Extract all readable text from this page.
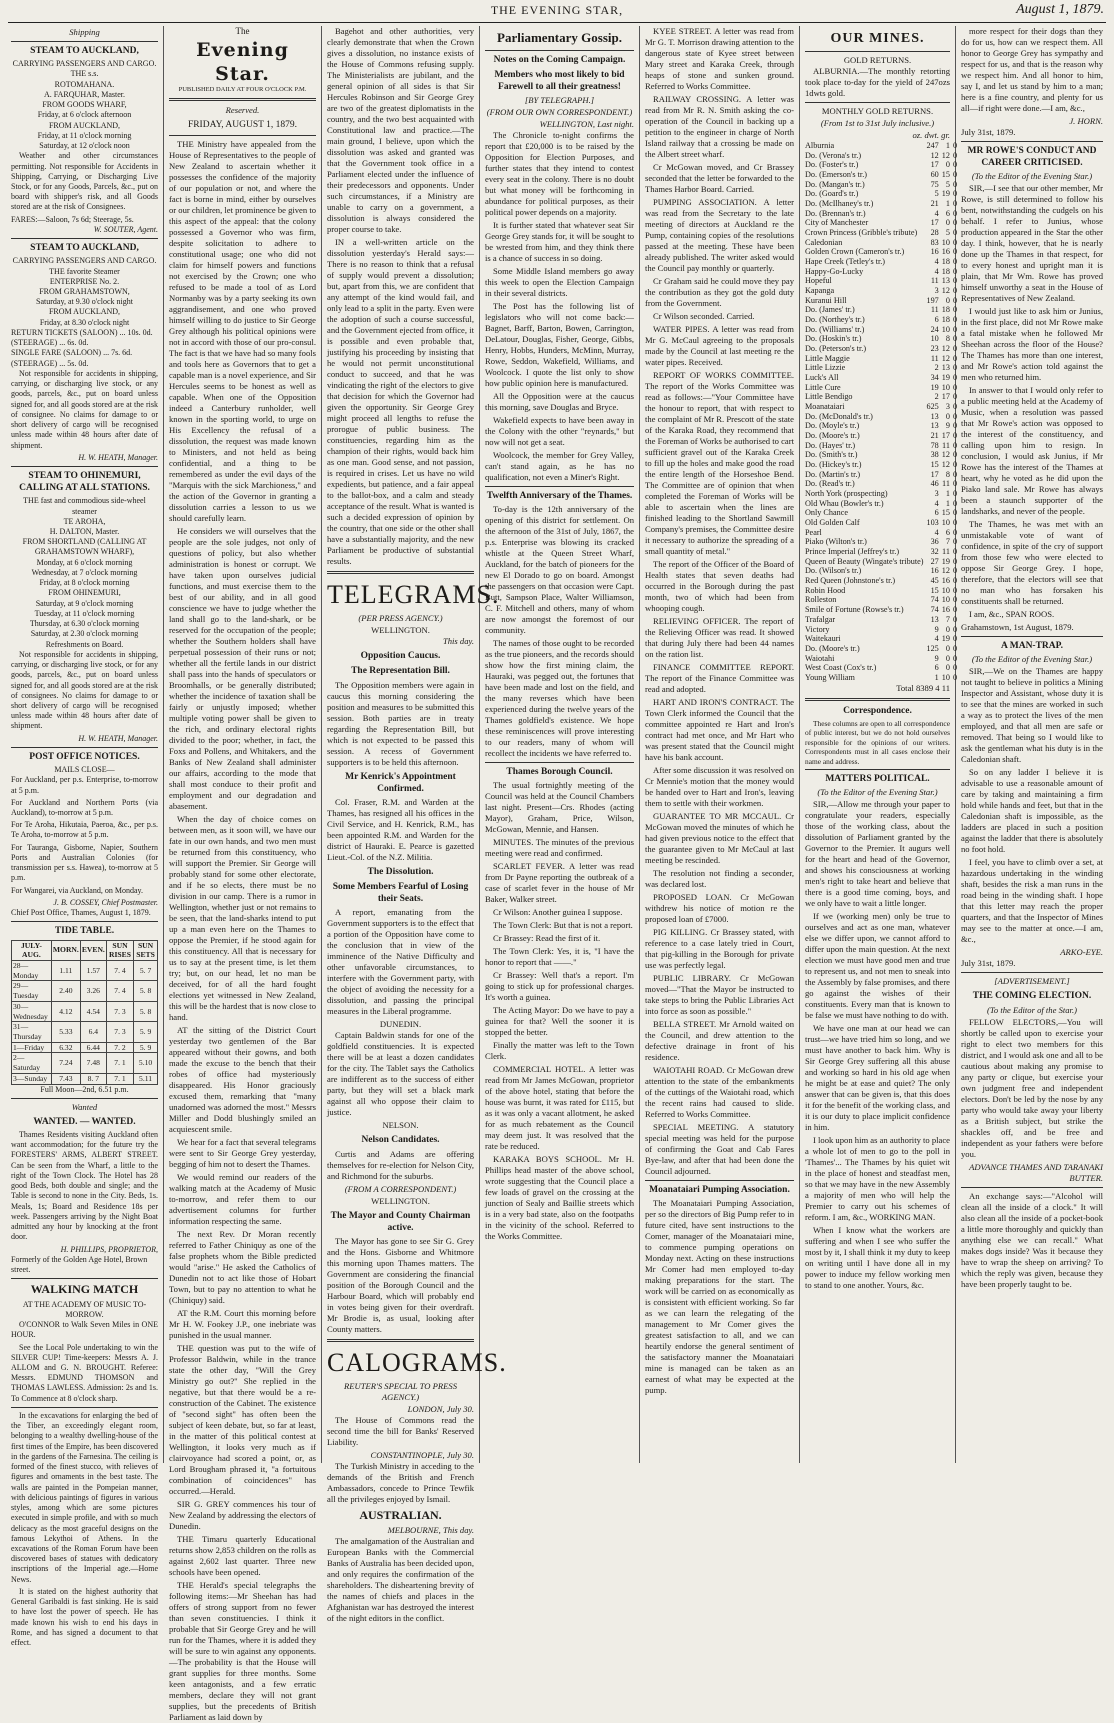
THE EVENING STAR,	August 1, 1879.
Shipping
STEAM TO AUCKLAND,
CARRYING PASSENGERS AND CARGO.
THE s.s.
ROTOMAHANA.
A. FARQUHAR, Master.
FROM GOODS WHARF,
Friday, at 6 o'clock afternoon
FROM AUCKLAND,
Friday, at 11 o'clock morning
Saturday, at 12 o'clock noon

Weather and other circumstances permitting. Not responsible for Accidents in Shipping, Carrying, or Discharging Live Stock, or for any Goods, Parcels, &c., put on board with shipper's risk, and all Goods stored are at the risk of Consignees.

FARES:—Saloon, 7s 6d; Steerage, 5s.
W. SOUTER, Agent.
STEAM TO AUCKLAND,
CARRYING PASSENGERS AND CARGO.
THE favorite Steamer
ENTERPRISE No. 2.
FROM GRAHAMSTOWN,
Saturday, at 9.30 o'clock night
FROM AUCKLAND,
Friday, at 8.30 o'clock night
RETURN TICKETS (SALOON) ... 10s. 0d.
(STEERAGE) ... 6s. 0d.
SINGLE FARE (SALOON) ... 7s. 6d.
(STEERAGE) ... 5s. 0d.

Not responsible for accidents in shipping, carrying, or discharging live stock, or any goods, parcels, &c., put on board unless signed for, and all goods stored are at the risk of consignee. No claims for damage to or short delivery of cargo will be recognised unless made within 48 hours after date of shipment.

H. W. HEATH, Manager.
STEAM TO OHINEMURI, CALLING AT ALL STATIONS.
THE fast and commodious side-wheel steamer
TE AROHA,
H. DALTON, Master.
FROM SHORTLAND (CALLING AT GRAHAMSTOWN WHARF),
Monday, at 6 o'clock morning
Wednesday, at 7 o'clock morning
Friday, at 8 o'clock morning
FROM OHINEMURI,
Saturday, at 9 o'clock morning
Tuesday, at 11 o'clock morning
Thursday, at 6.30 o'clock morning
Saturday, at 2.30 o'clock morning
Refreshments on Board.

Not responsible for accidents in shipping, carrying, or discharging live stock, or for any goods, parcels, &c., put on board unless signed for, and all goods stored are at the risk of consignees. No claims for damage to or short delivery of cargo will be recognised unless made within 48 hours after date of shipment.

H. W. HEATH, Manager.
POST OFFICE NOTICES.
MAILS CLOSE—

For Auckland, per p.s. Enterprise, to-morrow at 5 p.m.

For Auckland and Northern Ports (via Auckland), to-morrow at 5 p.m.

For Te Aroha, Hikutaia, Paeroa, &c., per p.s. Te Aroha, to-morrow at 5 p.m.

For Tauranga, Gisborne, Napier, Southern Ports and Australian Colonies (for transmission per s.s. Hawea), to-morrow at 5 p.m.

For Wangarei, via Auckland, on Monday.

J. B. COSSEY, Chief Postmaster.
Chief Post Office, Thames, August 1, 1879.
TIDE TABLE.
JULY-AUG.	MORN.	EVEN.	SUN RISES	SUN SETS
28—Monday	1.11	1.57	7. 4	5. 7
29—Tuesday	2.40	3.26	7. 4	5. 8
30—Wednesday	4.12	4.54	7. 3	5. 8
31—Thursday	5.33	6.4	7. 3	5. 9
1—Friday	6.32	6.44	7. 2	5. 9
2—Saturday	7.24	7.48	7. 1	5.10
3—Sunday	7.43	8. 7	7. 1	5.11
Full Moon—2nd, 6.51 p.m.
Wanted
WANTED. — WANTED.

Thames Residents visiting Auckland often want accommodation; for the future try the FORESTERS' ARMS, ALBERT STREET. Can be seen from the Wharf, a little to the right of the Town Clock. The Hotel has 28 good Beds, both double and single; and the Table is second to none in the City. Beds, 1s. Meals, 1s; Board and Residence 18s per week. Passengers arriving by the Night Boat admitted any hour by knocking at the front door.

H. PHILLIPS, PROPRIETOR,
Formerly of the Golden Age Hotel, Brown street.
WALKING MATCH
AT THE ACADEMY OF MUSIC TO-MORROW.

O'CONNOR to Walk Seven Miles in ONE HOUR.

See the Local Pole undertaking to win the SILVER CUP! Time-keepers: Messrs A. J. ALLOM and G. N. BROUGHT. Referee: Messrs. EDMUND THOMSON and THOMAS LAWLESS. Admission: 2s and 1s. To Commence at 8 o'clock sharp.

In the excavations for enlarging the bed of the Tiber, an exceedingly elegant room, belonging to a wealthy dwelling-house of the first times of the Empire, has been discovered in the gardens of the Farnesina. The ceiling is formed of the finest stucco, with relieves of figures and ornaments in the best taste. The walls are painted in the Pompeian manner, with delicious paintings of figures in various styles, among which are some pictures executed in simple profile, and with so much delicacy as the most graceful designs on the famous Lekythoi of Athens. In the excavations of the Roman Forum have been discovered bases of statues with dedicatory inscriptions of the Imperial age.—Home News.

It is stated on the highest authority that General Garibaldi is fast sinking. He is said to have lost the power of speech. He has made known his wish to end his days in Rome, and has signed a document to that effect.

The
Evening Star.
PUBLISHED DAILY AT FOUR O'CLOCK P.M.
Reserved.
FRIDAY, AUGUST 1, 1879.

THE Ministry have appealed from the House of Representatives to the people of New Zealand to ascertain whether it possesses the confidence of the majority of our population or not, and where the fact is borne in mind, either by ourselves or our children, let prominence be given to this aspect of the appeal: that the colony possessed a Governor who was firm, despite solicitation to adhere to constitutional usage; one who did not claim for himself powers and functions not exercised by the Crown; one who refused to be made a tool of as Lord Normanby was by a party seeking its own aggrandisement, and one who proved himself willing to do justice to Sir George Grey although his political opinions were not in accord with those of our pro-consul. The fact is that we have had so many fools and tools here as Governors that to get a capable man is a novel experience, and Sir Hercules seems to be honest as well as capable. When one of the Opposition indeed a Canterbury runholder, well known in the sporting world, to urge on His Excellency the refusal of a dissolution, the request was made known to Ministers, and not held as being confidential, and a thing to be remembered as under the evil days of the "Marquis with the sick Marchioness," and the action of the Governor in granting a dissolution carries a lesson to us we should carefully learn.

He considers we will ourselves that the people are the sole judges, not only of questions of policy, but also whether administration is honest or corrupt. We have taken upon ourselves judicial functions, and must exercise them to the best of our ability, and in all good conscience we have to judge whether the land shall go to the land-shark, or be reserved for the occupation of the people; whether the Southern holders shall have perpetual possession of their runs or not; whether all the fertile lands in our district shall pass into the hands of speculators or Broomhalls, or be generally distributed; whether the incidence of taxation shall be fairly or unjustly imposed; whether multiple voting power shall be given to the rich, and ordinary electoral rights divided to the poor; whether, in fact, the Foxs and Pollens, and Whitakers, and the Banks of New Zealand shall administer our affairs, according to the mode that shall most conduce to their profit and employment and our degradation and abasement.

When the day of choice comes on between men, as it soon will, we have our fate in our own hands, and two men must be returned from this constituency, who will support the Premier. Sir George will probably stand for some other electorate, and if he so elects, there must be no division in our camp. There is a rumor in Wellington, whether just or not remains to be seen, that the land-sharks intend to put up a man even here on the Thames to oppose the Premier, if he stood again for this constituency. All that is necessary for us to say at the present time, is let them try; but, on our head, let no man be deceived, for of all the hard fought elections yet witnessed in New Zealand, this will be the hardest that is now close to hand.

AT the sitting of the District Court yesterday two gentlemen of the Bar appeared without their gowns, and both made the excuse to the bench that their robes of office had mysteriously disappeared. His Honor graciously excused them, remarking that "many unadorned was adorned the most." Messrs Miller and Dodd blushingly smiled an acquiescent smile.

We hear for a fact that several telegrams were sent to Sir George Grey yesterday, begging of him not to desert the Thames.

We would remind our readers of the walking match at the Academy of Music to-morrow, and refer them to our advertisement columns for further information respecting the same.

The next Rev. Dr Moran recently referred to Father Chiniquy as one of the false prophets whom the Bible predicted would "arise." He asked the Catholics of Dunedin not to act like those of Hobart Town, but to pay no attention to what he (Chiniquy) said.

AT the R.M. Court this morning before Mr H. W. Fookey J.P., one inebriate was punished in the usual manner.

THE question was put to the wife of Professor Baldwin, while in the trance state the other day, "Will the Grey Ministry go out?" She replied in the negative, but that there would be a re-construction of the Cabinet. The existence of "second sight" has often been the subject of keen debate, but, so far at least, in the matter of this political contest at Wellington, it looks very much as if clairvoyance had scored a point, or, as Lord Brougham phrased it, "a fortuitous combination of coincidences" has occurred.—Herald.

SIR G. GREY commences his tour of New Zealand by addressing the electors of Dunedin.

THE Timaru quarterly Educational returns show 2,853 children on the rolls as against 2,602 last quarter. Three new schools have been opened.

THE Herald's special telegraphs the following items:—Mr Sheehan has had offers of strong support from no fewer than seven constituencies. I think it probable that Sir George Grey and he will run for the Thames, where it is added they will be sure to win against any opponents.—The probability is that the House will grant supplies for three months. Some keen antagonists, and a few erratic members, declare they will not grant supplies, but the precedents of British Parliament as laid down by

Bagehot and other authorities, very clearly demonstrate that when the Crown gives a dissolution, no instance exists of the House of Commons refusing supply. The Ministerialists are jubilant, and the general opinion of all sides is that Sir Hercules Robinson and Sir George Grey are two of the greatest diplomatists in the country, and the two best acquainted with Constitutional law and practice.—The main ground, I believe, upon which the dissolution was asked and granted was that the Government took office in a Parliament elected under the influence of their predecessors and opponents. Under such circumstances, if a Ministry are unable to carry on a government, a dissolution is always considered the proper course to take.

IN a well-written article on the dissolution yesterday's Herald says:—There is no reason to think that a refusal of supply would prevent a dissolution; but, apart from this, we are confident that any attempt of the kind would fail, and only lead to a split in the party. Even were the adoption of such a course successful, and the Government ejected from office, it is possible and even probable that, justifying his proceeding by insisting that he would not permit unconstitutional conduct to succeed, and that he was vindicating the right of the electors to give that decision for which the Governor had given the opportunity. Sir George Grey might proceed all lengths to refuse the prorogue of public business. The constituencies, regarding him as the champion of their rights, would back him as one man. Good sense, and not passion, is required in crises. Let us have no wild expedients, but patience, and a fair appeal to the ballot-box, and a calm and steady acceptance of the result. What is wanted is such a decided expression of opinion by the country, that one side or the other shall have a substantially majority, and the new Parliament be productive of substantial results.

TELEGRAMS.
(PER PRESS AGENCY.)
WELLINGTON.
This day.
Opposition Caucus.
The Representation Bill.

The Opposition members were again in caucus this morning considering the position and measures to be submitted this session. Both parties are in treaty regarding the Representation Bill, but which is not expected to be passed this session. A recess of Government supporters is to be held this afternoon.

Mr Kenrick's Appointment Confirmed.

Col. Fraser, R.M. and Warden at the Thames, has resigned all his offices in the Civil Service, and H. Kenrick, R.M., has been appointed R.M. and Warden for the district of Hauraki. E. Pearce is gazetted Lieut.-Col. of the N.Z. Militia.

The Dissolution.
Some Members Fearful of Losing their Seats.

A report, emanating from the Government supporters is to the effect that a portion of the Opposition have come to the conclusion that in view of the imminence of the Native Difficulty and other unfavorable circumstances, to interfere with the Government party, with the object of avoiding the necessity for a dissolution, and passing the principal measures in the Liberal programme.

DUNEDIN.

Captain Baldwin stands for one of the goldfield constituencies. It is expected there will be at least a dozen candidates for the city. The Tablet says the Catholics are indifferent as to the success of either party, but they will set a black mark against all who oppose their claim to justice.

NELSON.
Nelson Candidates.

Curtis and Adams are offering themselves for re-election for Nelson City, and Richmond for the suburbs.

(FROM A CORRESPONDENT.)
WELLINGTON.
The Mayor and County Chairman active.

The Mayor has gone to see Sir G. Grey and the Hons. Gisborne and Whitmore this morning upon Thames matters. The Government are considering the financial position of the Borough Council and the Harbour Board, which will probably end in votes being given for their overdraft. Mr Brodie is, as usual, looking after County matters.

CALOGRAMS.
REUTER'S SPECIAL TO PRESS AGENCY.)
LONDON, July 30.

The House of Commons read the second time the bill for Banks' Reserved Liability.

CONSTANTINOPLE, July 30.

The Turkish Ministry in acceding to the demands of the British and French Ambassadors, concede to Prince Tewfik all the privileges enjoyed by Ismail.

AUSTRALIAN.
MELBOURNE, This day.

The amalgamation of the Australian and European Banks with the Commercial Banks of Australia has been decided upon, and only requires the confirmation of the shareholders. The disheartening brevity of the names of chiefs and places in the Afghanistan war has destroyed the interest of the night editors in the conflict.

Parliamentary Gossip.
Notes on the Coming Campaign.
Members who most likely to bid Farewell to all their greatness!
[BY TELEGRAPH.]
(FROM OUR OWN CORRESPONDENT.)
WELLINGTON, Last night.

The Chronicle to-night confirms the report that £20,000 is to be raised by the Opposition for Election Purposes, and further states that they intend to contest every seat in the colony. There is no doubt but what money will be forthcoming in abundance for political purposes, as their political power depends on a majority.

It is further stated that whatever seat Sir George Grey stands for, it will be sought to be wrested from him, and they think there is a chance of success in so doing.

Some Middle Island members go away this week to open the Election Campaign in their several districts.

The Post has the following list of legislators who will not come back:—Bagnet, Barff, Barton, Bowen, Carrington, DeLatour, Douglas, Fisher, George, Gibbs, Henry, Hobbs, Hunders, McMinn, Murray, Rowe, Seddon, Wakefield, Williams, and Woolcock. I quote the list only to show how public opinion here is manufactured.

All the Opposition were at the caucus this morning, save Douglas and Bryce.

Wakefield expects to have been away in the Colony with the other "reynards," but now will not get a seat.

Woolcock, the member for Grey Valley, can't stand again, as he has no qualification, not even a Miner's Right.

Twelfth Anniversary of the Thames.

To-day is the 12th anniversary of the opening of this district for settlement. On the afternoon of the 31st of July, 1867, the p.s. Enterprise was blowing its cracked whistle at the Queen Street Wharf, Auckland, for the batch of pioneers for the new El Dorado to go on board. Amongst the passengers on that occasion were Capt. Butt, Sampson Place, Walter Williamson, C. F. Mitchell and others, many of whom are now amongst the foremost of our community.

The names of those ought to be recorded as the true pioneers, and the records should show how the first mining claim, the Hauraki, was pegged out, the fortunes that have been made and lost on the field, and the many reverses which have been experienced during the twelve years of the Thames goldfield's existence. We hope these reminiscences will prove interesting to our readers, many of whom will recollect the incidents we have referred to.

Thames Borough Council.

The usual fortnightly meeting of the Council was held at the Council Chambers last night. Present—Crs. Rhodes (acting Mayor), Graham, Price, Wilson, McGowan, Mennie, and Hansen.

MINUTES. The minutes of the previous meeting were read and confirmed.

SCARLET FEVER. A letter was read from Dr Payne reporting the outbreak of a case of scarlet fever in the house of Mr Baker, Walker street.

Cr Wilson: Another guinea I suppose.

The Town Clerk: But that is not a report.

Cr Brassey: Read the first of it.

The Town Clerk: Yes, it is, "I have the honor to report that ——."

Cr Brassey: Well that's a report. I'm going to stick up for professional charges. It's worth a guinea.

The Acting Mayor: Do we have to pay a guinea for that? Well the sooner it is stopped the better.

Finally the matter was left to the Town Clerk.

COMMERCIAL HOTEL. A letter was read from Mr James McGowan, proprietor of the above hotel, stating that before the house was burnt, it was rated for £115, but as it was only a vacant allotment, he asked for as much rebatement as the Council may deem just. It was resolved that the rate be reduced.

KARAKA BOYS SCHOOL. Mr H. Phillips head master of the above school, wrote suggesting that the Council place a few loads of gravel on the crossing at the junction of Sealy and Baillie streets which is in a very bad state, also on the footpaths in the vicinity of the school. Referred to the Works Committee.

KYEE STREET. A letter was read from Mr G. T. Morrison drawing attention to the dangerous state of Kyee street between Mary street and Karaka Creek, through heaps of stone and sunken ground. Referred to Works Committee.

RAILWAY CROSSING. A letter was read from Mr R. N. Smith asking the co-operation of the Council in backing up a petition to the engineer in charge of North Island railway that a crossing be made on the Albert street wharf.

Cr McGowan moved, and Cr Brassey seconded that the letter be forwarded to the Thames Harbor Board. Carried.

PUMPING ASSOCIATION. A letter was read from the Secretary to the late meeting of directors at Auckland re the Pump, containing copies of the resolutions passed at the meeting. These have been already published. The writer asked would the Council pay monthly or quarterly.

Cr Graham said he could move they pay the contribution as they got the gold duty from the Government.

Cr Wilson seconded. Carried.

WATER PIPES. A letter was read from Mr G. McCaul agreeing to the proposals made by the Council at last meeting re the water pipes. Received.

REPORT OF WORKS COMMITTEE. The report of the Works Committee was read as follows:—"Your Committee have the honour to report, that with respect to the complaint of Mr R. Prescott of the state of the Karaka Road, they recommend that the Foreman of Works be authorised to cart sufficient gravel out of the Karaka Creek to fill up the holes and make good the road the entire length of the Horseshoe Bend. The Committee are of opinion that when completed the Foreman of Works will be able to ascertain when the lines are finished leading to the Shortland Sawmill Company's premises, the Committee desire it necessary to authorize the spreading of a small quantity of metal."

The report of the Officer of the Board of Health states that seven deaths had occurred in the Borough during the past month, two of which had been from whooping cough.

RELIEVING OFFICER. The report of the Relieving Officer was read. It showed that during July there had been 44 names on the ration list.

FINANCE COMMITTEE REPORT. The report of the Finance Committee was read and adopted.

HART AND IRON'S CONTRACT. The Town Clerk informed the Council that the committee appointed re Hart and Iron's contract had met once, and Mr Hart who was present stated that the Council might have his bank account.

After some discussion it was resolved on Cr Mennie's motion that the money would be handed over to Hart and Iron's, leaving them to settle with their workmen.

GUARANTEE TO MR MCCAUL. Cr McGowan moved the minutes of which he had given previous notice to the effect that the guarantee given to Mr McCaul at last meeting be rescinded.

The resolution not finding a seconder, was declared lost.

PROPOSED LOAN. Cr McGowan withdrew his notice of motion re the proposed loan of £7000.

PIG KILLING. Cr Brassey stated, with reference to a case lately tried in Court, that pig-killing in the Borough for private use was perfectly legal.

PUBLIC LIBRARY. Cr McGowan moved—"That the Mayor be instructed to take steps to bring the Public Libraries Act into force as soon as possible."

BELLA STREET. Mr Arnold waited on the Council, and drew attention to the defective drainage in front of his residence.

WAIOTAHI ROAD. Cr McGowan drew attention to the state of the embankments of the cuttings of the Waiotahi road, which the recent rains had caused to slide. Referred to Works Committee.

SPECIAL MEETING. A statutory special meeting was held for the purpose of confirming the Goat and Cab Fares Bye-law, and after that had been done the Council adjourned.

Moanataiari Pumping Association.

The Moanataiari Pumping Association, per so the directors of Big Pump refer to in future cited, have sent instructions to the Comer, manager of the Moanataiari mine, to commence pumping operations on Monday next. Acting on these instructions Mr Comer had men employed to-day making preparations for the start. The work will be carried on as economically as is consistent with efficient working. So far as we can learn the relegating of the management to Mr Comer gives the greatest satisfaction to all, and we can heartily endorse the general sentiment of the satisfactory manner the Moanataiari mine is managed can be taken as an earnest of what may be expected at the pump.

OUR MINES.
GOLD RETURNS.

ALBURNIA.—The monthly retorting took place to-day for the yield of 247ozs 1dwts gold.

MONTHLY GOLD RETURNS.
(From 1st to 31st July inclusive.)
oz. dwt. gr.
Alburnia	247	1	0
Do. (Verona's tr.)	12	12	0
Do. (Foster's tr.)	17	0	0
Do. (Emerson's tr.)	60	15	0
Do. (Mangan's tr.)	75	5	0
Do. (Goard's tr.)	5	19	0
Do. (McIlhaney's tr.)	21	1	0
Do. (Brennan's tr.)	4	6	0
City of Manchester	17	0	0
Crown Princess (Gribble's tribute)	28	5	0
Caledonian	83	10	0
Golden Crown (Cameron's tr.)	16	16	0
Hape Creek (Tetley's tr.)	4	18	0
Happy-Go-Lucky	4	18	0
Hopeful	11	13	0
Kapanga	3	12	0
Kuranui Hill	197	0	0
Do. (James' tr.)	11	18	0
Do. (Northey's tr.)	6	18	0
Do. (Williams' tr.)	24	10	0
Do. (Hoskin's tr.)	10	8	0
Do. (Peterson's tr.)	23	12	0
Little Maggie	11	12	0
Little Lizzie	2	13	0
Luck's All	34	19	0
Little Cure	19	10	0
Little Bendigo	2	17	0
Moanataiari	625	3	0
Do. (McDonald's tr.)	13	0	0
Do. (Moyle's tr.)	13	9	0
Do. (Moore's tr.)	21	17	0
Do. (Hayes' tr.)	78	11	0
Do. (Smith's tr.)	38	12	0
Do. (Hickey's tr.)	15	12	0
Do. (Martin's tr.)	17	8	0
Do. (Read's tr.)	46	11	0
North York (prospecting)	3	1	0
Old Whau (Bowler's tr.)	4	1	0
Only Chance	6	15	0
Old Golden Calf	103	10	0
Pearl	4	6	0
Piako (Wilton's tr.)	36	7	0
Prince Imperial (Jeffrey's tr.)	32	11	0
Queen of Beauty (Wingate's tribute)	27	19	0
Do. (Wilson's tr.)	16	12	0
Red Queen (Johnstone's tr.)	45	16	0
Robin Hood	15	10	0
Rolleston	74	10	0
Smile of Fortune (Rowse's tr.)	74	16	0
Trafalgar	13	7	0
Victory	9	0	0
Waitekauri	4	19	0
Do. (Moore's tr.)	125	0	0
Waiotahi	9	0	0
West Coast (Cox's tr.)	6	0	0
Young William	1	10	0
Total 8389 4 11
Correspondence.

These columns are open to all correspondence of public interest, but we do not hold ourselves responsible for the opinions of our writers. Correspondents must in all cases enclose their name and address.

MATTERS POLITICAL.
(To the Editor of the Evening Star.)

SIR,—Allow me through your paper to congratulate your readers, especially those of the working class, about the dissolution of Parliament granted by the Governor to the Premier. It augurs well for the heart and head of the Governor, and shows his consciousness at working men's right to take heart and believe that there is a good time coming, boys, and we only have to wait a little longer.

If we (working men) only be true to ourselves and act as one man, whatever else we differ upon, we cannot afford to differ upon the main question. At the next election we must have good men and true to represent us, and not men to sneak into the Assembly by false promises, and there go against the wishes of their constituents. Every man that is known to be false we must have nothing to do with.

We have one man at our head we can trust—we have tried him so long, and we must have another to back him. Why is Sir George Grey suffering all this abuse and working so hard in his old age when he might be at ease and quiet? The only answer that can be given is, that this does it for the benefit of the working class, and it is our duty to place implicit confidence in him.

I look upon him as an authority to place a whole lot of men to go to the poll in 'Thames'... The Thames by his quiet wit in the place of honest and steadfast men, so that we may have in the new Assembly a majority of men who will help the Premier to carry out his schemes of reform. I am, &c., WORKING MAN.

When I know what the workers are suffering and when I see who suffer the most by it, I shall think it my duty to keep on writing until I have done all in my power to induce my fellow working men to stand to one another. Yours, &c.

more respect for their dogs than they do for us, how can we respect them. All honor to George Grey has sympathy and respect for us, and that is the reason why we respect him. And all honor to him, say I, and let us stand by him to a man; here is a fine country, and plenty for us all—if right were done.—I am, &c.,

J. HORN.
July 31st, 1879.
MR ROWE'S CONDUCT AND CAREER CRITICISED.
(To the Editor of the Evening Star.)

SIR,—I see that our other member, Mr Rowe, is still determined to follow his bent, notwithstanding the cudgels on his behalf. I refer to Junius, whose production appeared in the Star the other day. I think, however, that he is nearly done up the Thames in that respect, for to every honest and upright man it is plain, that Mr Wm. Rowe has proved himself unworthy a seat in the House of Representatives of New Zealand.

I would just like to ask him or Junius, in the first place, did not Mr Rowe make a fatal mistake when he followed Mr Sheehan across the floor of the House? The Thames has more than one interest, and Mr Rowe's action told against the men who returned him.

In answer to that I would only refer to a public meeting held at the Academy of Music, when a resolution was passed that Mr Rowe's action was opposed to the interest of the constituency, and calling upon him to resign. In conclusion, I would ask Junius, if Mr Rowe has the interest of the Thames at heart, why he voted as he did upon the Piako land sale. Mr Rowe has always been a staunch supporter of the landsharks, and never of the people.

The Thames, he was met with an unmistakable vote of want of confidence, in spite of the cry of support from those few who were elected to oppose Sir George Grey. I hope, therefore, that the electors will see that no man who has forsaken his constituents shall be returned.

I am, &c., SPAN ROOS.

Grahamstown, 1st August, 1879.
A MAN-TRAP.
(To the Editor of the Evening Star.)

SIR,—We on the Thames are happy not taught to believe in politics a Mining Inspector and Assistant, whose duty it is to see that the mines are worked in such a way as to protect the lives of the men employed, and that all men are safe or removed. That being so I would like to ask the gentleman what his duty is in the Caledonian shaft.

So on any ladder I believe it is advisable to use a reasonable amount of care by taking and maintaining a firm hold while hands and feet, but that in the Caledonian shaft is impossible, as the ladders are placed in such a position against the ladder that there is absolutely no foot hold.

I feel, you have to climb over a set, at hazardous undertaking in the winding shaft, besides the risk a man runs in the road being in the winding shaft. I hope that this letter may reach the proper quarters, and that the Inspector of Mines may see to the matter at once.—I am, &c.,

ARKO-EYE.
July 31st, 1879.
[ADVERTISEMENT.]
THE COMING ELECTION.
(To the Editor of the Star.)

FELLOW ELECTORS,—You will shortly be called upon to exercise your right to elect two members for this district, and I would ask one and all to be cautious about making any promise to any party or clique, but exercise your own judgment free and independent electors. Don't be led by the nose by any party who would take away your liberty as a British subject, but strike the shackles off, and be free and independent as your fathers were before you.

ADVANCE THAMES AND TARANAKI BUTTER.

An exchange says:—"Alcohol will clean all the inside of a clock." It will also clean all the inside of a pocket-book a little more thoroughly and quickly than anything else we can recall." What makes dogs inside? Was it because they have to wrap the sheep on arriving? To which the reply was given, because they have been properly taught to be.
